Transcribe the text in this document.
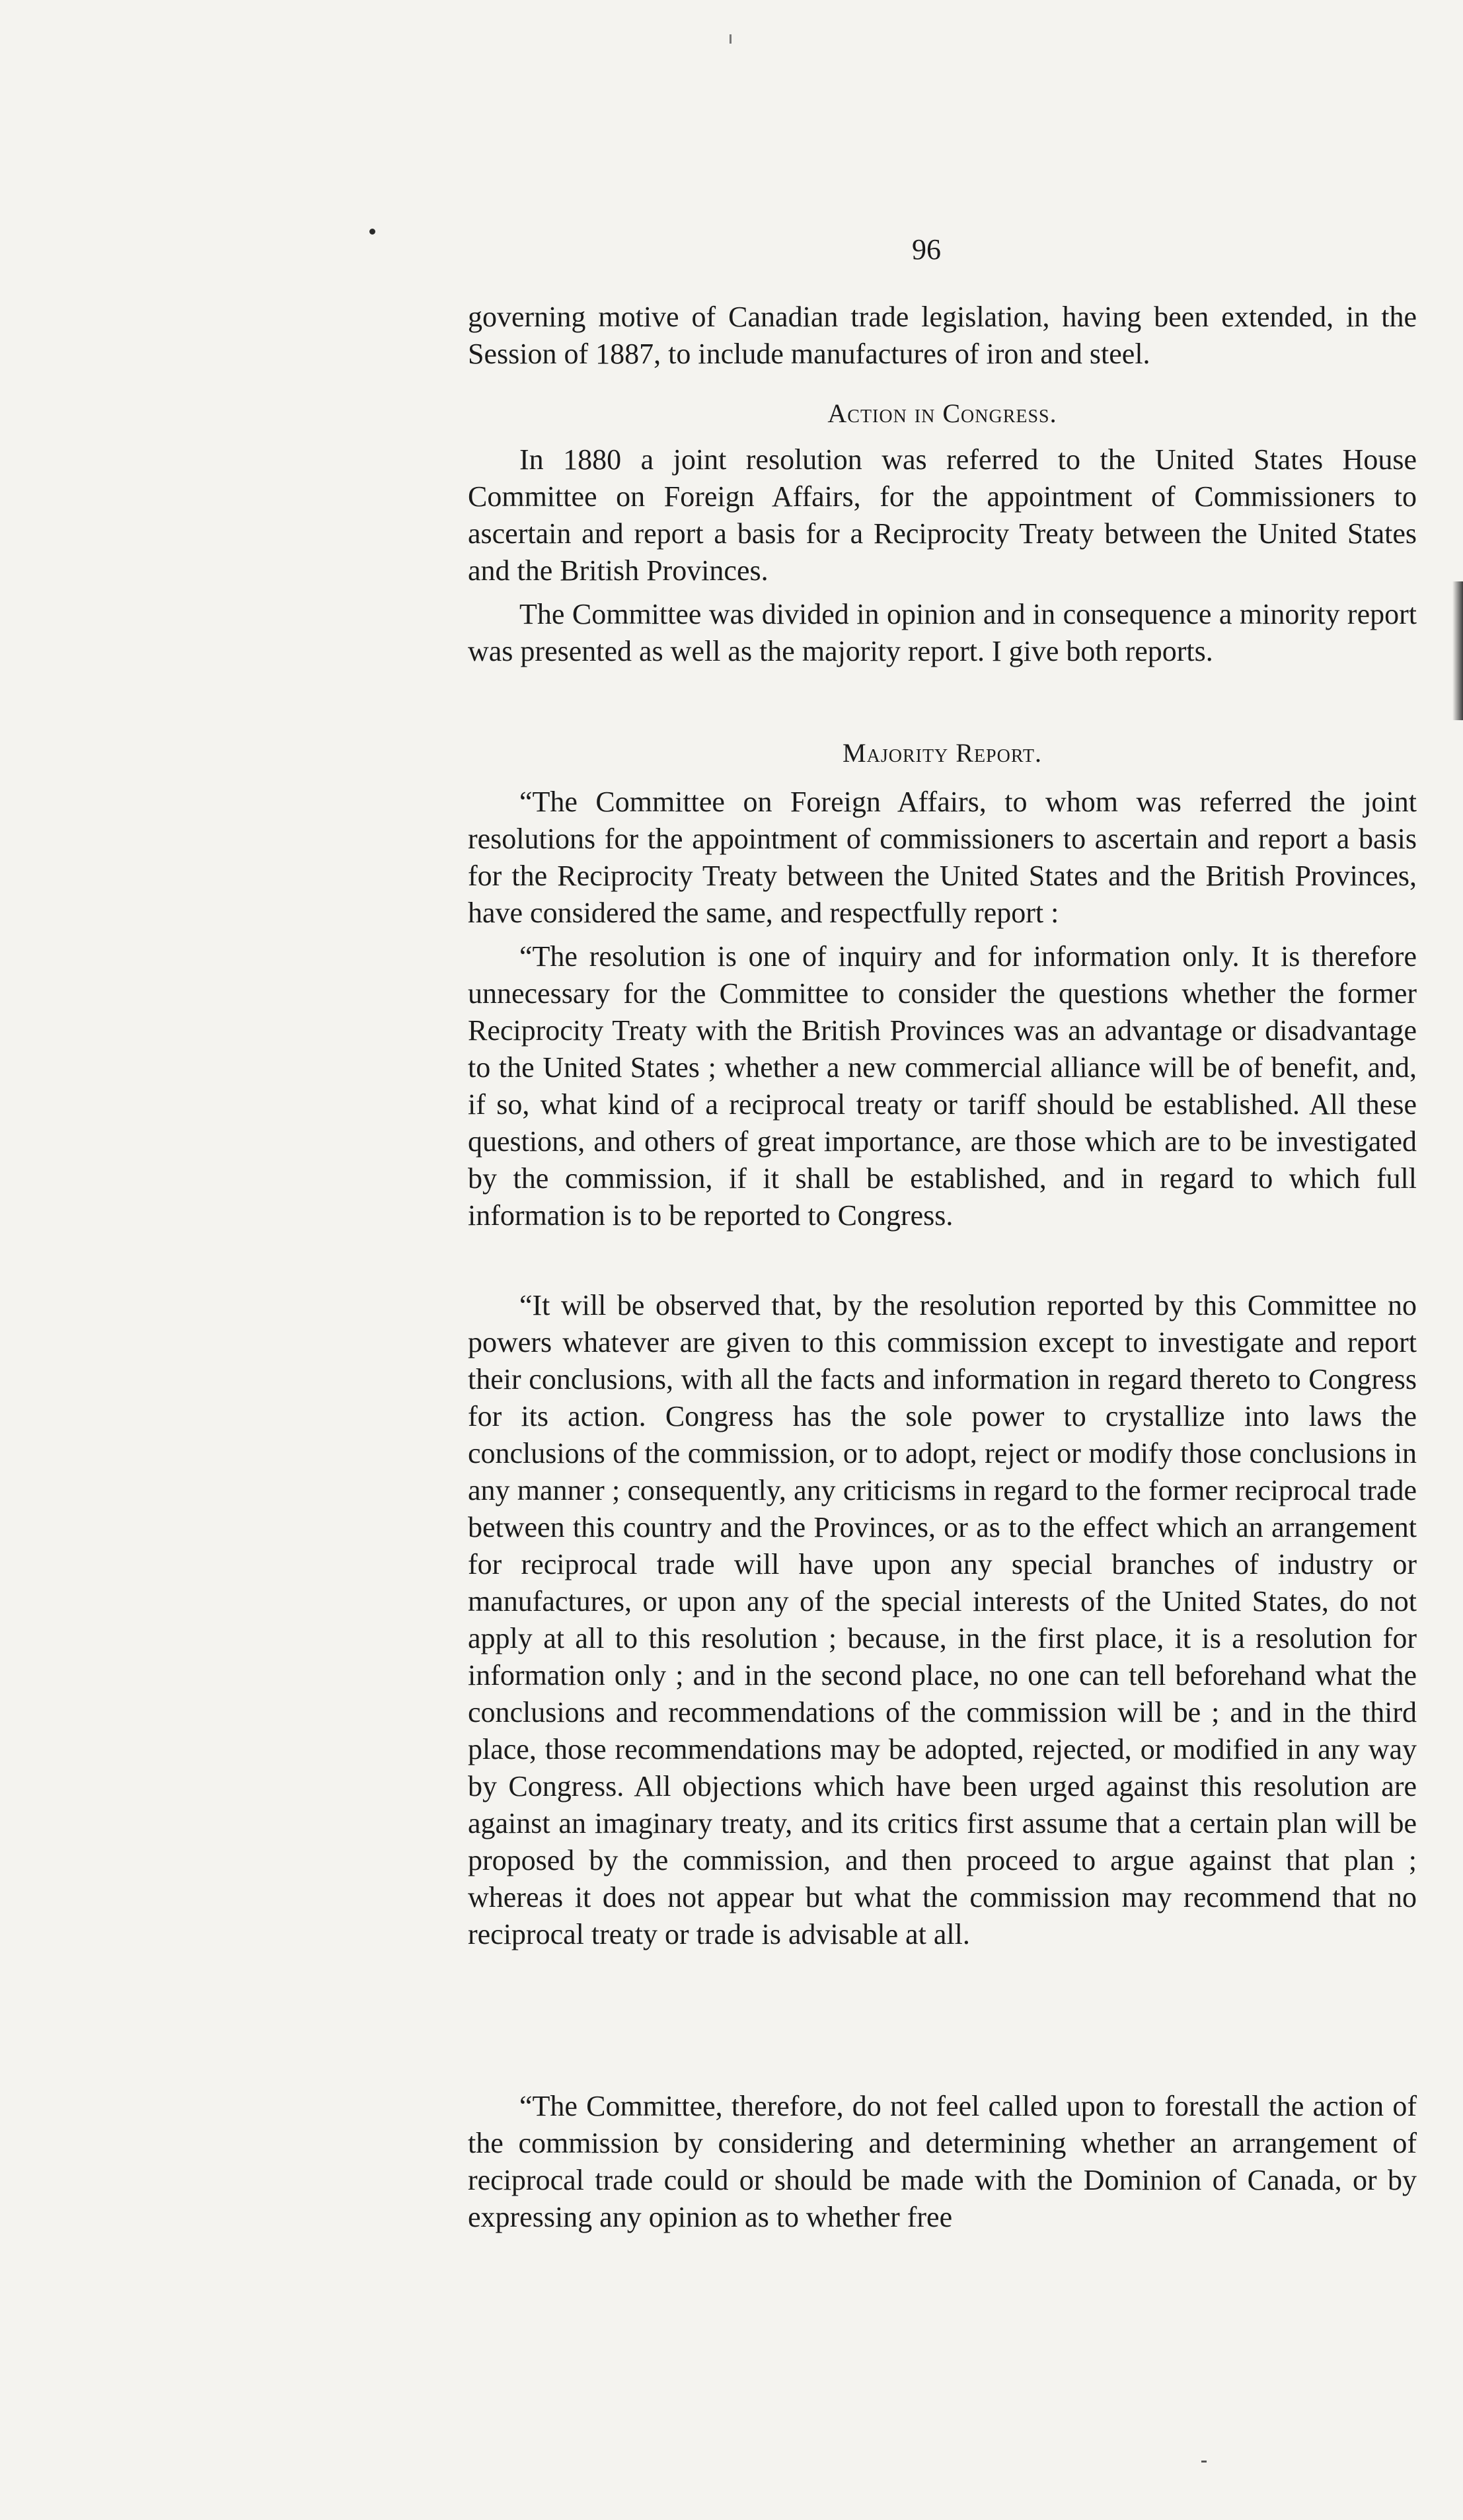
96

governing motive of Canadian trade legislation, having been extended, in the Session of 1887, to include manufactures of iron and steel.

Action in Congress.

In 1880 a joint resolution was referred to the United States House Committee on Foreign Affairs, for the appointment of Commissioners to ascertain and report a basis for a Reciprocity Treaty between the United States and the British Provinces.

The Committee was divided in opinion and in consequence a minority report was presented as well as the majority report. I give both reports.

Majority Report.

“The Committee on Foreign Affairs, to whom was referred the joint resolutions for the appointment of commissioners to ascertain and report a basis for the Reciprocity Treaty between the United States and the British Provinces, have considered the same, and respectfully report :

“The resolution is one of inquiry and for information only. It is therefore unnecessary for the Committee to consider the questions whether the former Reciprocity Treaty with the British Provinces was an advantage or disadvantage to the United States ; whether a new commercial alliance will be of benefit, and, if so, what kind of a reciprocal treaty or tariff should be established. All these questions, and others of great importance, are those which are to be investigated by the commission, if it shall be established, and in regard to which full information is to be reported to Congress.

“It will be observed that, by the resolution reported by this Committee no powers whatever are given to this commission except to investigate and report their conclusions, with all the facts and information in regard thereto to Congress for its action. Congress has the sole power to crystallize into laws the conclusions of the commission, or to adopt, reject or modify those conclusions in any manner ; consequently, any criticisms in regard to the former reciprocal trade between this country and the Provinces, or as to the effect which an arrangement for reciprocal trade will have upon any special branches of industry or manufactures, or upon any of the special interests of the United States, do not apply at all to this resolution ; because, in the first place, it is a resolution for information only ; and in the second place, no one can tell beforehand what the conclusions and recommendations of the commission will be ; and in the third place, those recommendations may be adopted, rejected, or modified in any way by Congress. All objections which have been urged against this resolution are against an imaginary treaty, and its critics first assume that a certain plan will be proposed by the commission, and then proceed to argue against that plan ; whereas it does not appear but what the commission may recommend that no reciprocal treaty or trade is advisable at all.

“The Committee, therefore, do not feel called upon to forestall the action of the commission by considering and determining whether an arrangement of reciprocal trade could or should be made with the Dominion of Canada, or by expressing any opinion as to whether free
